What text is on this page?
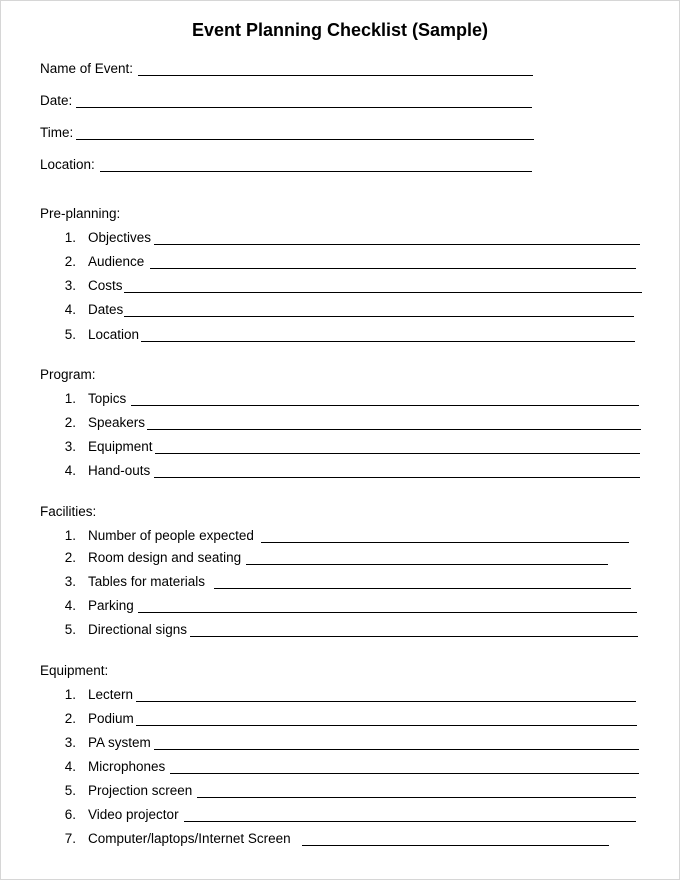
Event Planning Checklist (Sample)
Name of Event:
Date:
Time:
Location:
Pre-planning:
1. Objectives
2. Audience
3. Costs
4. Dates
5. Location
Program:
1. Topics
2. Speakers
3. Equipment
4. Hand-outs
Facilities:
1. Number of people expected
2. Room design and seating
3. Tables for materials
4. Parking
5. Directional signs
Equipment:
1. Lectern
2. Podium
3. PA system
4. Microphones
5. Projection screen
6. Video projector
7. Computer/laptops/Internet Screen
